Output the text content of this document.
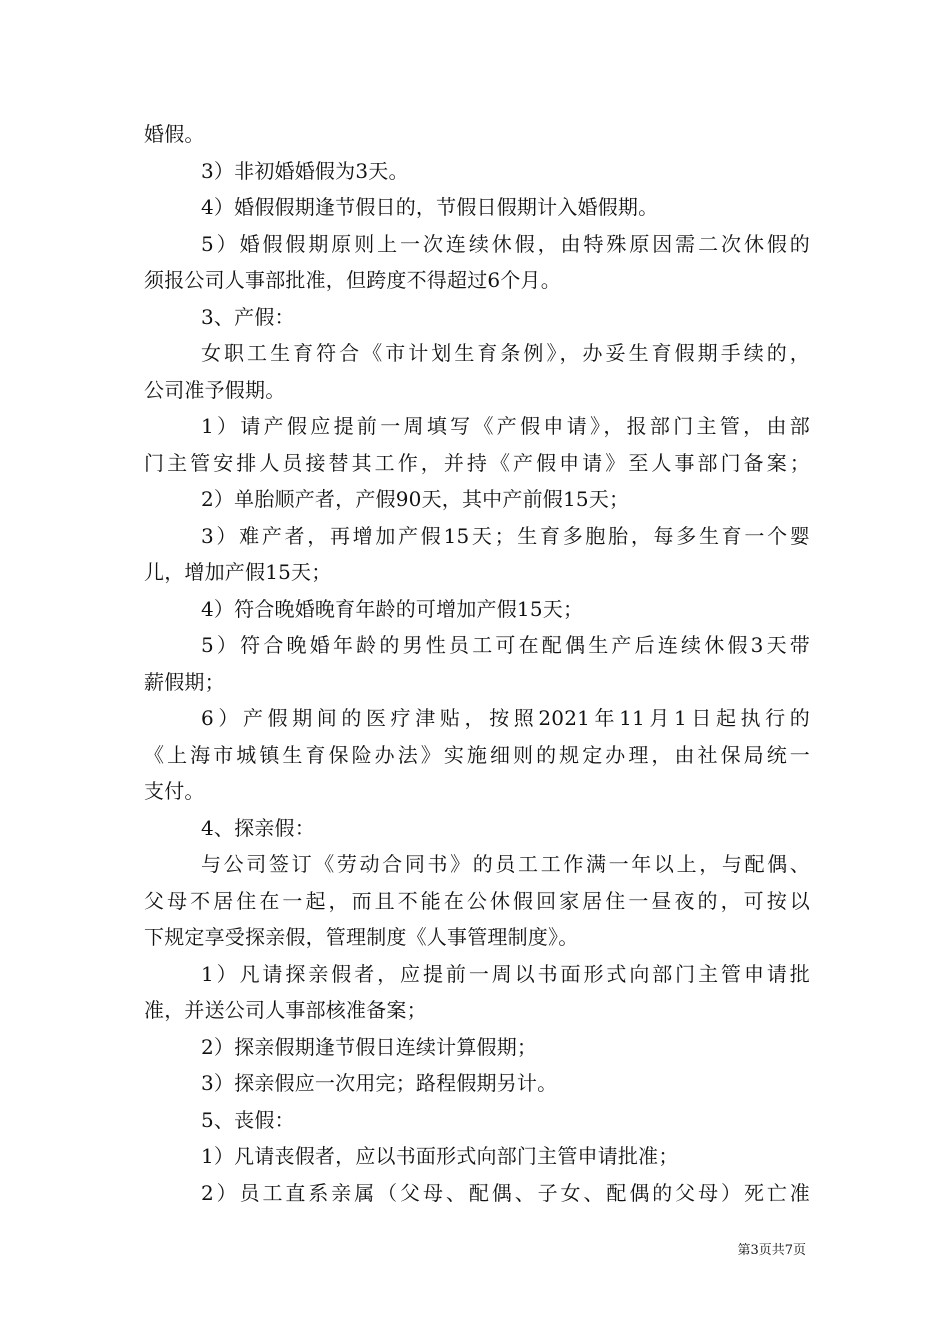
婚假。
3）非初婚婚假为3天。
4）婚假假期逢节假日的，节假日假期计入婚假期。
5）婚假假期原则上一次连续休假，由特殊原因需二次休假的
须报公司人事部批准，但跨度不得超过6个月。
3、产假：
女职工生育符合《市计划生育条例》，办妥生育假期手续的，
公司准予假期。
1）请产假应提前一周填写《产假申请》，报部门主管，由部
门主管安排人员接替其工作，并持《产假申请》至人事部门备案；
2）单胎顺产者，产假90天，其中产前假15天；
3）难产者，再增加产假15天；生育多胞胎，每多生育一个婴
儿，增加产假15天；
4）符合晚婚晚育年龄的可增加产假15天；
5）符合晚婚年龄的男性员工可在配偶生产后连续休假3天带
薪假期；
6）产假期间的医疗津贴，按照2021年11月1日起执行的
《上海市城镇生育保险办法》实施细则的规定办理，由社保局统一
支付。
4、探亲假：
与公司签订《劳动合同书》的员工工作满一年以上，与配偶、
父母不居住在一起，而且不能在公休假回家居住一昼夜的，可按以
下规定享受探亲假，管理制度《人事管理制度》。
1）凡请探亲假者，应提前一周以书面形式向部门主管申请批
准，并送公司人事部核准备案；
2）探亲假期逢节假日连续计算假期；
3）探亲假应一次用完；路程假期另计。
5、丧假：
1）凡请丧假者，应以书面形式向部门主管申请批准；
2）员工直系亲属（父母、配偶、子女、配偶的父母）死亡准
第3页共7页
